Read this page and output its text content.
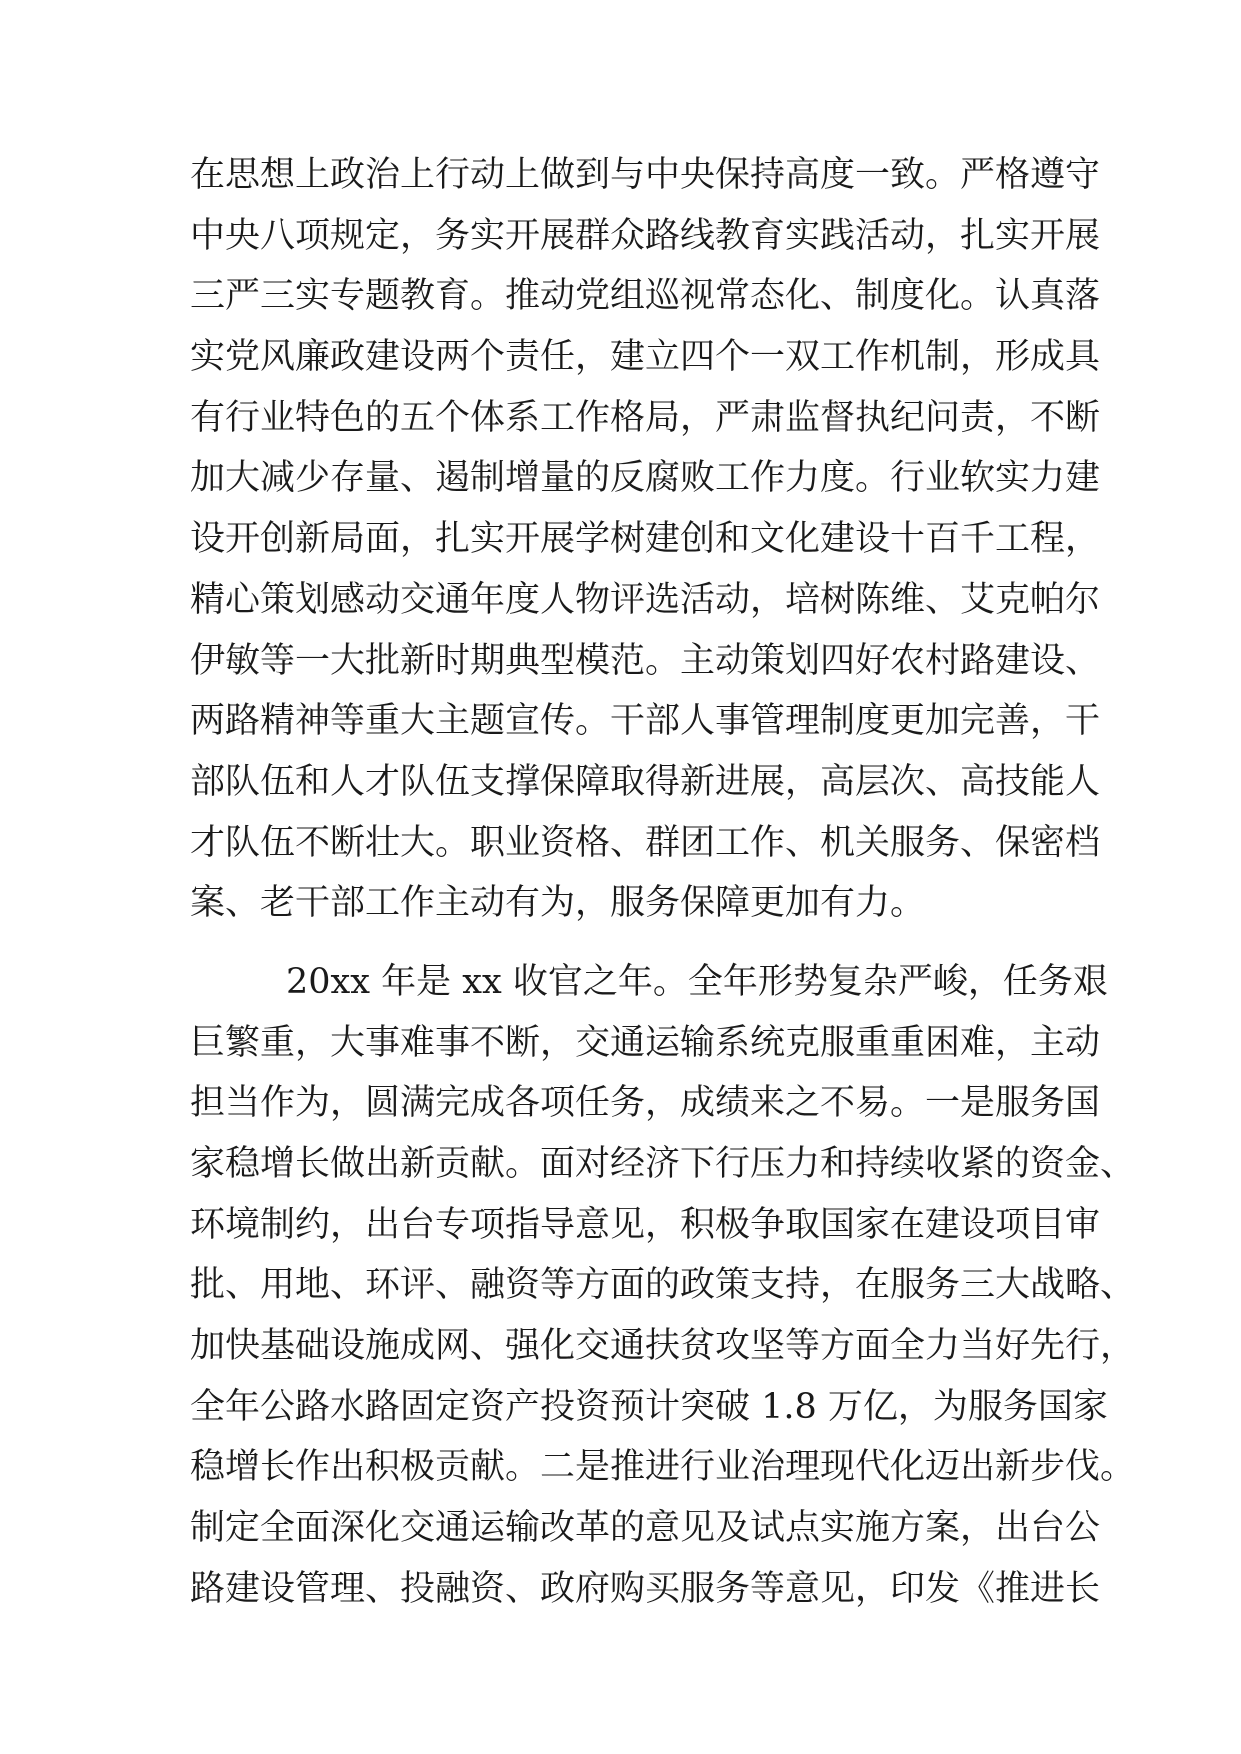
在思想上政治上行动上做到与中央保持高度一致。严格遵守
中央八项规定，务实开展群众路线教育实践活动，扎实开展
三严三实专题教育。推动党组巡视常态化、制度化。认真落
实党风廉政建设两个责任，建立四个一双工作机制，形成具
有行业特色的五个体系工作格局，严肃监督执纪问责，不断
加大减少存量、遏制增量的反腐败工作力度。行业软实力建
设开创新局面，扎实开展学树建创和文化建设十百千工程，
精心策划感动交通年度人物评选活动，培树陈维、艾克帕尔
伊敏等一大批新时期典型模范。主动策划四好农村路建设、
两路精神等重大主题宣传。干部人事管理制度更加完善，干
部队伍和人才队伍支撑保障取得新进展，高层次、高技能人
才队伍不断壮大。职业资格、群团工作、机关服务、保密档
案、老干部工作主动有为，服务保障更加有力。
20xx 年是 xx 收官之年。全年形势复杂严峻，任务艰
巨繁重，大事难事不断，交通运输系统克服重重困难，主动
担当作为，圆满完成各项任务，成绩来之不易。一是服务国
家稳增长做出新贡献。面对经济下行压力和持续收紧的资金、
环境制约，出台专项指导意见，积极争取国家在建设项目审
批、用地、环评、融资等方面的政策支持，在服务三大战略、
加快基础设施成网、强化交通扶贫攻坚等方面全力当好先行，
全年公路水路固定资产投资预计突破 1.8 万亿，为服务国家
稳增长作出积极贡献。二是推进行业治理现代化迈出新步伐。
制定全面深化交通运输改革的意见及试点实施方案，出台公
路建设管理、投融资、政府购买服务等意见，印发《推进长
